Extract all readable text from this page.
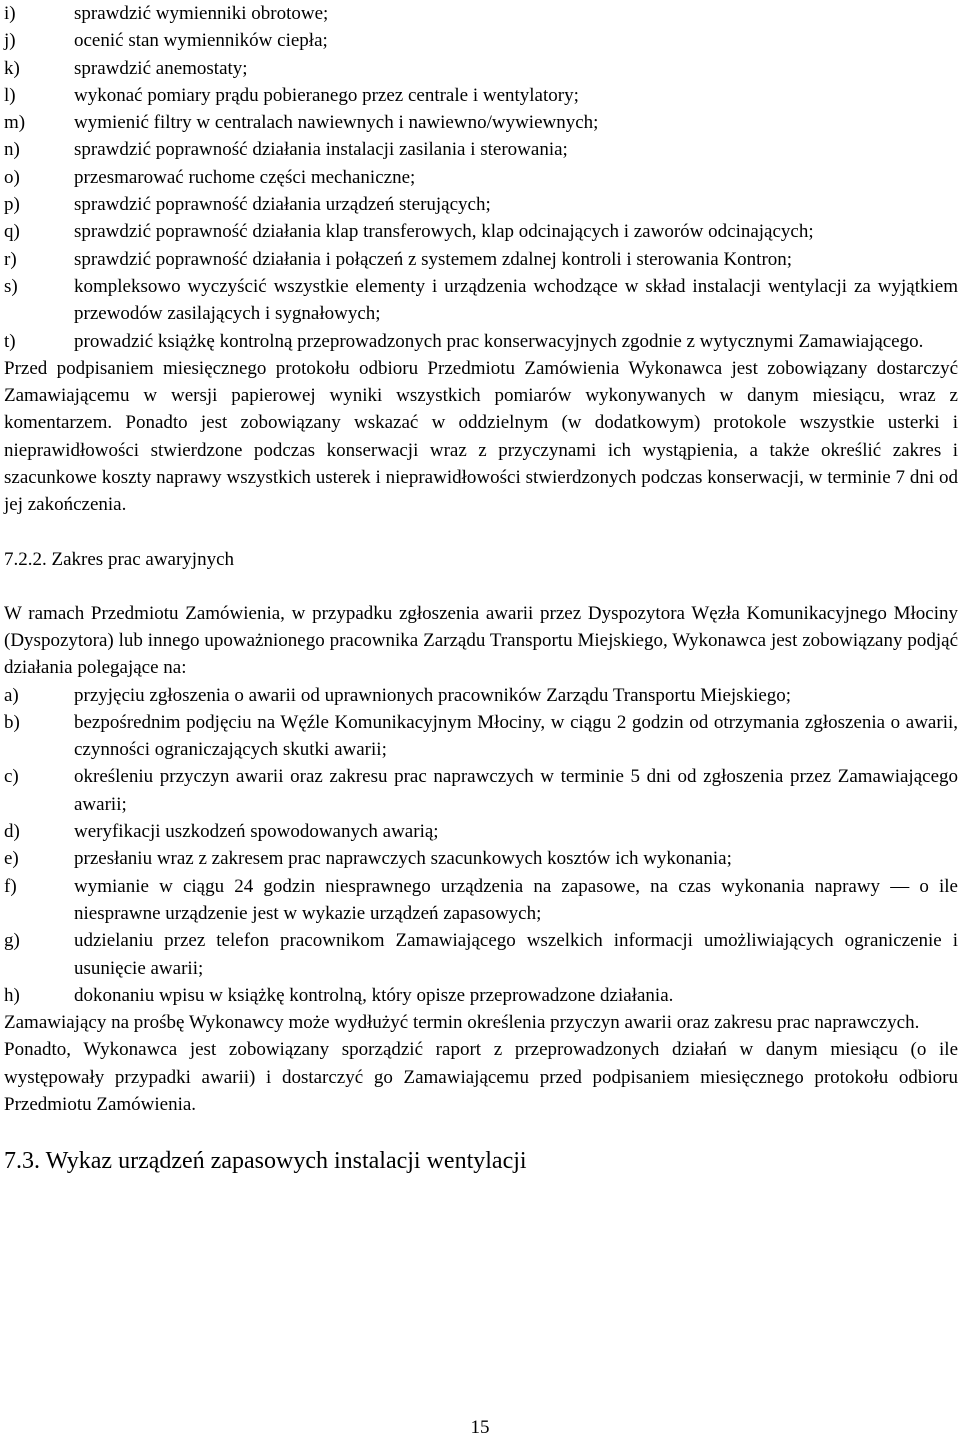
i)	sprawdzić wymienniki obrotowe;
j)	ocenić stan wymienników ciepła;
k)	sprawdzić anemostaty;
l)	wykonać pomiary prądu pobieranego przez centrale i wentylatory;
m)	wymienić filtry w centralach nawiewnych i nawiewno/wywiewnych;
n)	sprawdzić poprawność działania instalacji zasilania i sterowania;
o)	przesmarować ruchome części mechaniczne;
p)	sprawdzić poprawność działania urządzeń sterujących;
q)	sprawdzić poprawność działania klap transferowych, klap odcinających i zaworów odcinających;
r)	sprawdzić poprawność działania i połączeń z systemem zdalnej kontroli i sterowania Kontron;
s)	kompleksowo wyczyścić wszystkie elementy i urządzenia wchodzące w skład instalacji wentylacji za wyjątkiem przewodów zasilających i sygnałowych;
t)	prowadzić książkę kontrolną przeprowadzonych prac konserwacyjnych zgodnie z wytycznymi Zamawiającego.

Przed podpisaniem miesięcznego protokołu odbioru Przedmiotu Zamówienia Wykonawca jest zobowiązany dostarczyć Zamawiającemu w wersji papierowej wyniki wszystkich pomiarów wykonywanych w danym miesiącu, wraz z komentarzem. Ponadto jest zobowiązany wskazać w oddzielnym (w dodatkowym) protokole wszystkie usterki i nieprawidłowości stwierdzone podczas konserwacji wraz z przyczynami ich wystąpienia, a także określić zakres i szacunkowe koszty naprawy wszystkich usterek i nieprawidłowości stwierdzonych podczas konserwacji, w terminie 7 dni od jej zakończenia.

7.2.2. Zakres prac awaryjnych

W ramach Przedmiotu Zamówienia, w przypadku zgłoszenia awarii przez Dyspozytora Węzła Komunikacyjnego Młociny (Dyspozytora) lub innego upoważnionego pracownika Zarządu Transportu Miejskiego, Wykonawca jest zobowiązany podjąć działania polegające na:

a)	przyjęciu zgłoszenia o awarii od uprawnionych pracowników Zarządu Transportu Miejskiego;
b)	bezpośrednim podjęciu na Węźle Komunikacyjnym Młociny, w ciągu 2 godzin od otrzymania zgłoszenia o awarii, czynności ograniczających skutki awarii;
c)	określeniu przyczyn awarii oraz zakresu prac naprawczych w terminie 5 dni od zgłoszenia przez Zamawiającego awarii;
d)	weryfikacji uszkodzeń spowodowanych awarią;
e)	przesłaniu wraz z zakresem prac naprawczych szacunkowych kosztów ich wykonania;
f)	wymianie w ciągu 24 godzin niesprawnego urządzenia na zapasowe, na czas wykonania naprawy — o ile niesprawne urządzenie jest w wykazie urządzeń zapasowych;
g)	udzielaniu przez telefon pracownikom Zamawiającego wszelkich informacji umożliwiających ograniczenie i usunięcie awarii;
h)	dokonaniu wpisu w książkę kontrolną, który opisze przeprowadzone działania.

Zamawiający na prośbę Wykonawcy może wydłużyć termin określenia przyczyn awarii oraz zakresu prac naprawczych.

Ponadto, Wykonawca jest zobowiązany sporządzić raport z przeprowadzonych działań w danym miesiącu (o ile występowały przypadki awarii) i dostarczyć go Zamawiającemu przed podpisaniem miesięcznego protokołu odbioru Przedmiotu Zamówienia.

7.3. Wykaz urządzeń zapasowych instalacji wentylacji
15
